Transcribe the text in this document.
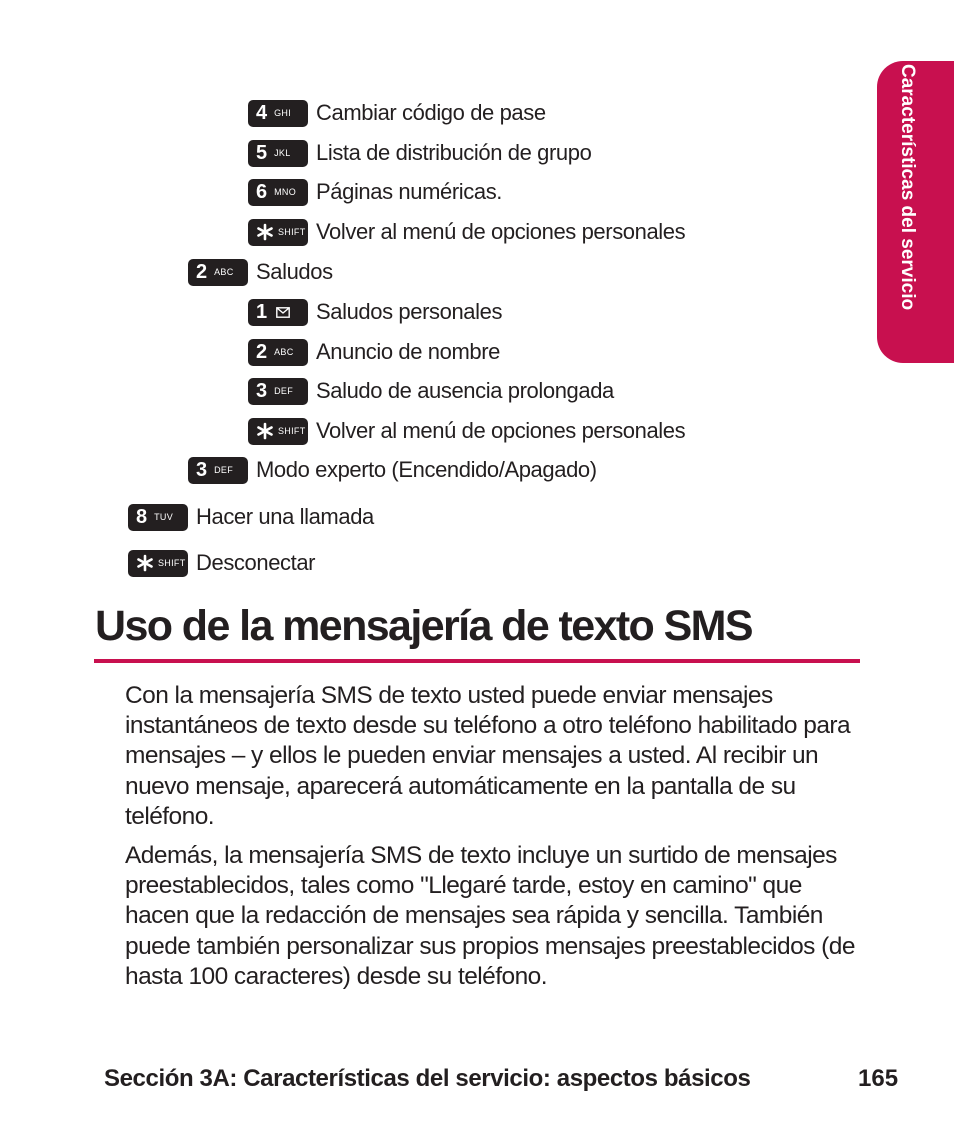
Características del servicio
4 GHI Cambiar código de pase
5 JKL Lista de distribución de grupo
6 MNO Páginas numéricas.
SHIFT Volver al menú de opciones personales
2 ABC Saludos
1 Saludos personales
2 ABC Anuncio de nombre
3 DEF Saludo de ausencia prolongada
SHIFT Volver al menú de opciones personales
3 DEF Modo experto (Encendido/Apagado)
8 TUV Hacer una llamada
SHIFT Desconectar
Uso de la mensajería de texto SMS

Con la mensajería SMS de texto usted puede enviar mensajes instantáneos de texto desde su teléfono a otro teléfono habilitado para mensajes – y ellos le pueden enviar mensajes a usted. Al recibir un nuevo mensaje, aparecerá automáticamente en la pantalla de su teléfono.

Además, la mensajería SMS de texto incluye un surtido de mensajes preestablecidos, tales como "Llegaré tarde, estoy en camino" que hacen que la redacción de mensajes sea rápida y sencilla. También puede también personalizar sus propios mensajes preestablecidos (de hasta 100 caracteres) desde su teléfono.

Sección 3A: Características del servicio: aspectos básicos	165
